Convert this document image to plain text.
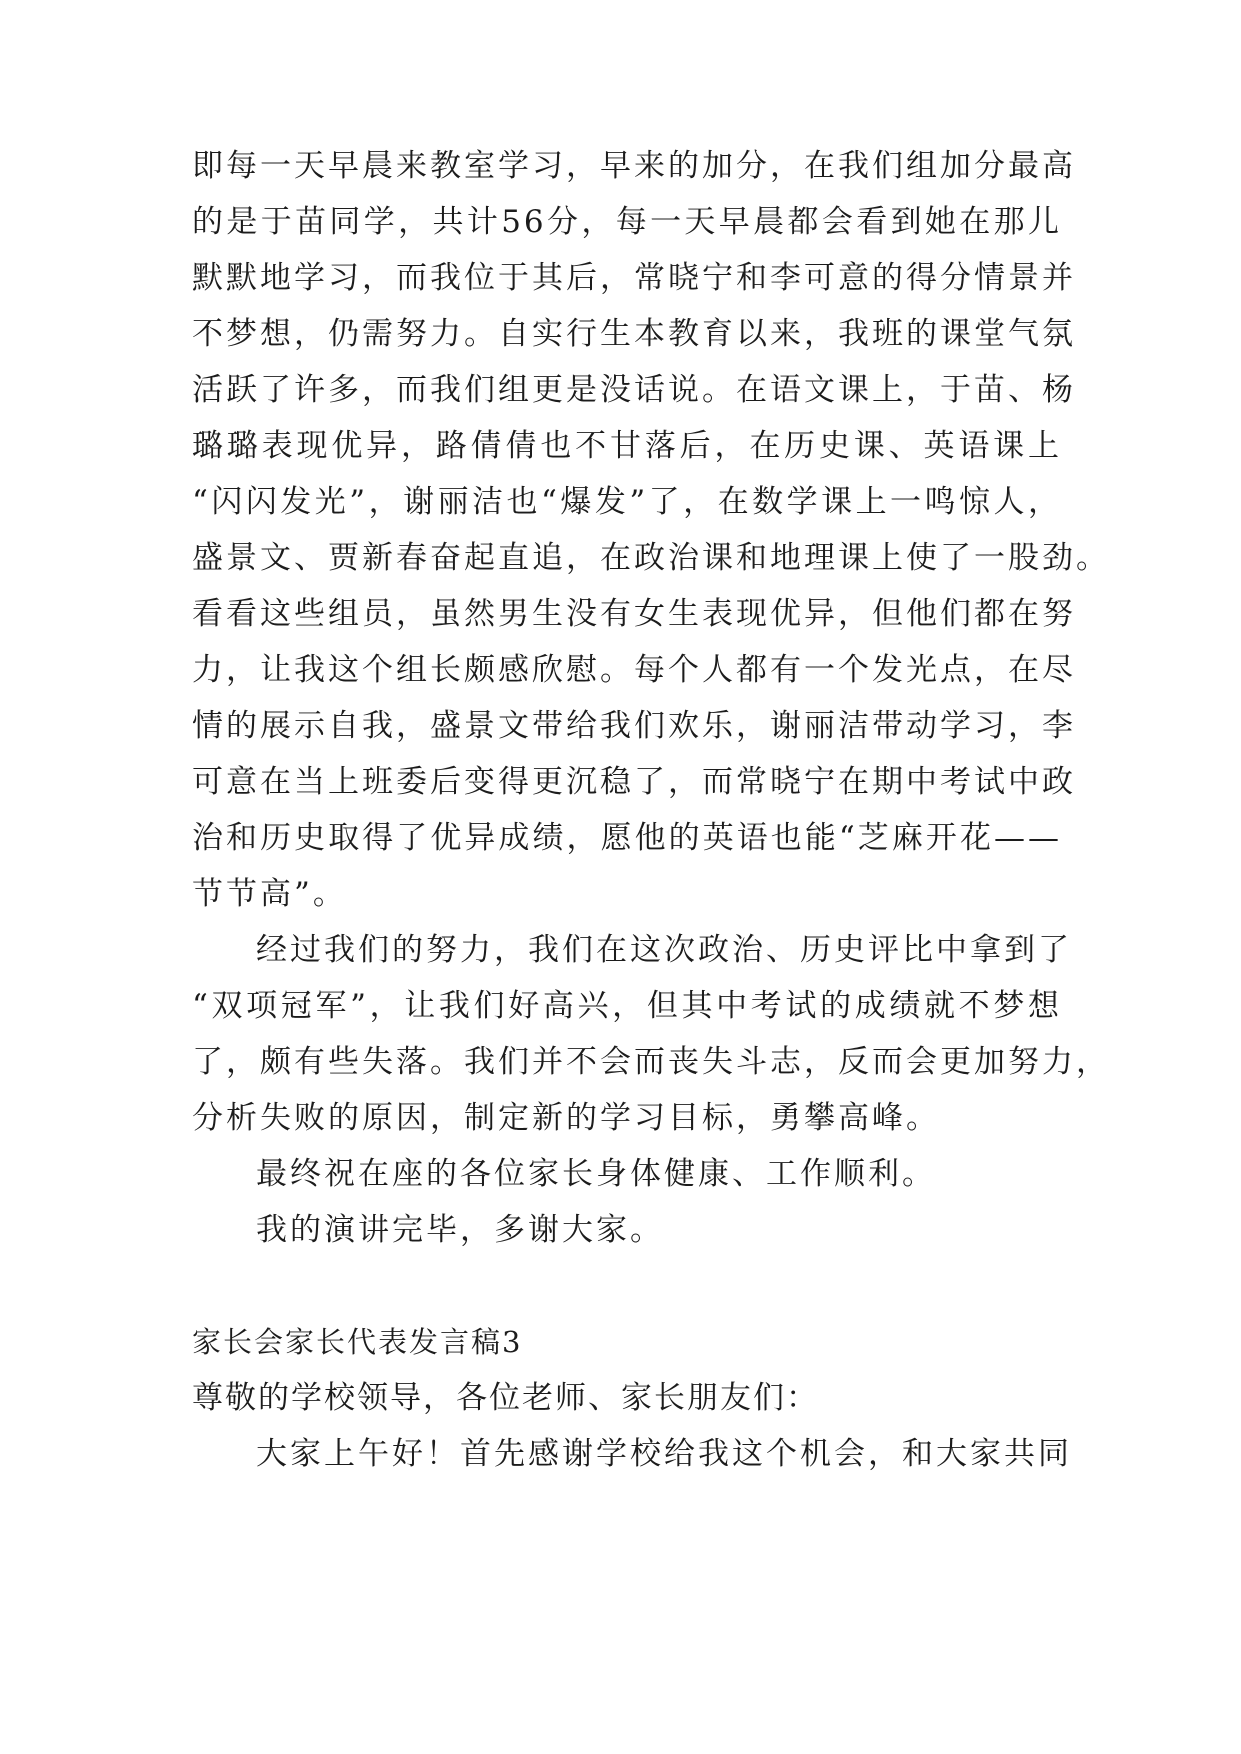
即每一天早晨来教室学习，早来的加分，在我们组加分最高
的是于苗同学，共计56分，每一天早晨都会看到她在那儿
默默地学习，而我位于其后，常晓宁和李可意的得分情景并
不梦想，仍需努力。自实行生本教育以来，我班的课堂气氛
活跃了许多，而我们组更是没话说。在语文课上，于苗、杨
璐璐表现优异，路倩倩也不甘落后，在历史课、英语课上
“闪闪发光”，谢丽洁也“爆发”了，在数学课上一鸣惊人，
盛景文、贾新春奋起直追，在政治课和地理课上使了一股劲。
看看这些组员，虽然男生没有女生表现优异，但他们都在努
力，让我这个组长颇感欣慰。每个人都有一个发光点，在尽
情的展示自我，盛景文带给我们欢乐，谢丽洁带动学习，李
可意在当上班委后变得更沉稳了，而常晓宁在期中考试中政
治和历史取得了优异成绩，愿他的英语也能“芝麻开花——
节节高”。
经过我们的努力，我们在这次政治、历史评比中拿到了
“双项冠军”，让我们好高兴，但其中考试的成绩就不梦想
了，颇有些失落。我们并不会而丧失斗志，反而会更加努力，
分析失败的原因，制定新的学习目标，勇攀高峰。
最终祝在座的各位家长身体健康、工作顺利。
我的演讲完毕，多谢大家。
家长会家长代表发言稿3
尊敬的学校领导，各位老师、家长朋友们：
大家上午好！首先感谢学校给我这个机会，和大家共同
